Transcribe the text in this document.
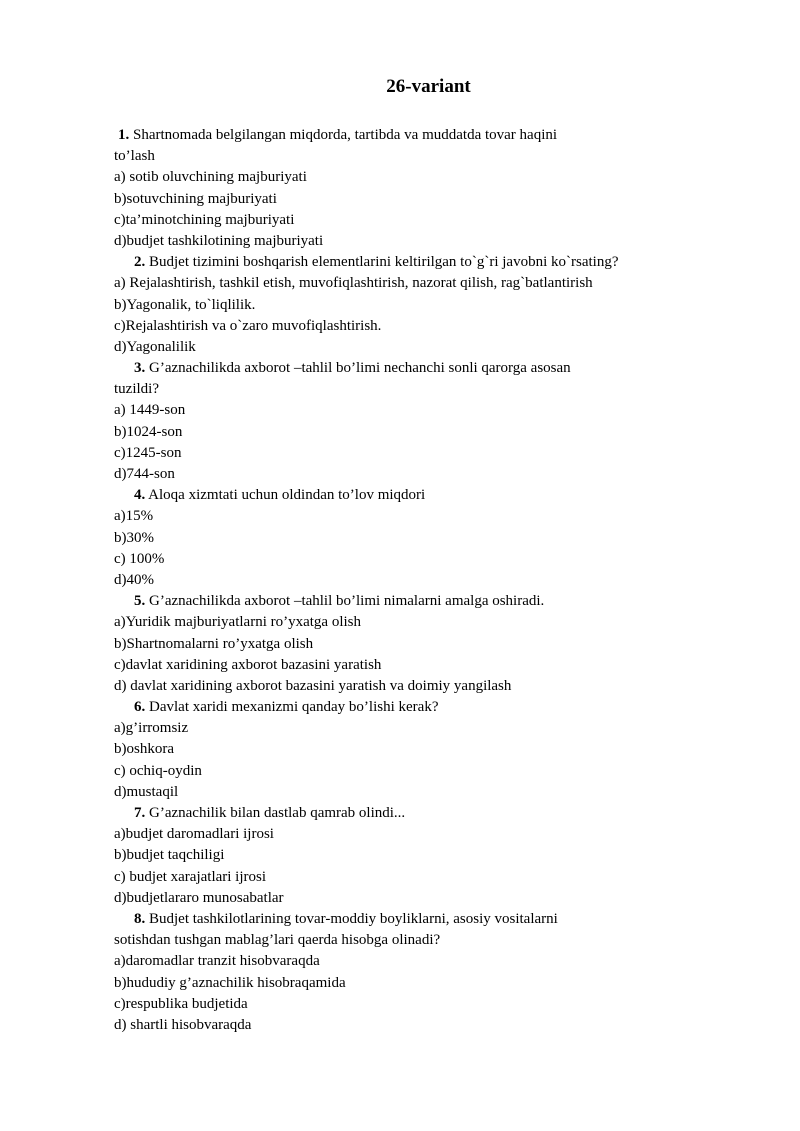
26-variant
1. Shartnomada belgilangan miqdorda, tartibda va muddatda tovar haqini
to’lash
a) sotib oluvchining majburiyati
b)sotuvchining majburiyati
c)ta’minotchining majburiyati
d)budjet tashkilotining majburiyati
2. Budjet tizimini boshqarish elementlarini keltirilgan to`g`ri javobni ko`rsating?
a) Rejalashtirish, tashkil etish, muvofiqlashtirish, nazorat qilish, rag`batlantirish
b)Yagonalik, to`liqlilik.
c)Rejalashtirish va o`zaro muvofiqlashtirish.
d)Yagonalilik
3. G’aznachilikda axborot –tahlil bo’limi nechanchi sonli qarorga asosan
tuzildi?
a) 1449-son
b)1024-son
c)1245-son
d)744-son
4. Aloqa xizmtati uchun oldindan to’lov miqdori
a)15%
b)30%
c) 100%
d)40%
5. G’aznachilikda axborot –tahlil bo’limi nimalarni amalga oshiradi.
a)Yuridik majburiyatlarni ro’yxatga olish
b)Shartnomalarni ro’yxatga olish
c)davlat xaridining axborot bazasini yaratish
d) davlat xaridining axborot bazasini yaratish va doimiy yangilash
6. Davlat xaridi mexanizmi qanday bo’lishi kerak?
a)g’irromsiz
b)oshkora
c) ochiq-oydin
d)mustaqil
7. G’aznachilik bilan dastlab qamrab olindi...
a)budjet daromadlari ijrosi
b)budjet taqchiligi
c) budjet xarajatlari ijrosi
d)budjetlararo munosabatlar
8. Budjet tashkilotlarining tovar-moddiy boyliklarni, asosiy vositalarni
sotishdan tushgan mablag’lari qaerda hisobga olinadi?
a)daromadlar tranzit hisobvaraqda
b)hududiy g’aznachilik hisobraqamida
c)respublika budjetida
d) shartli hisobvaraqda
